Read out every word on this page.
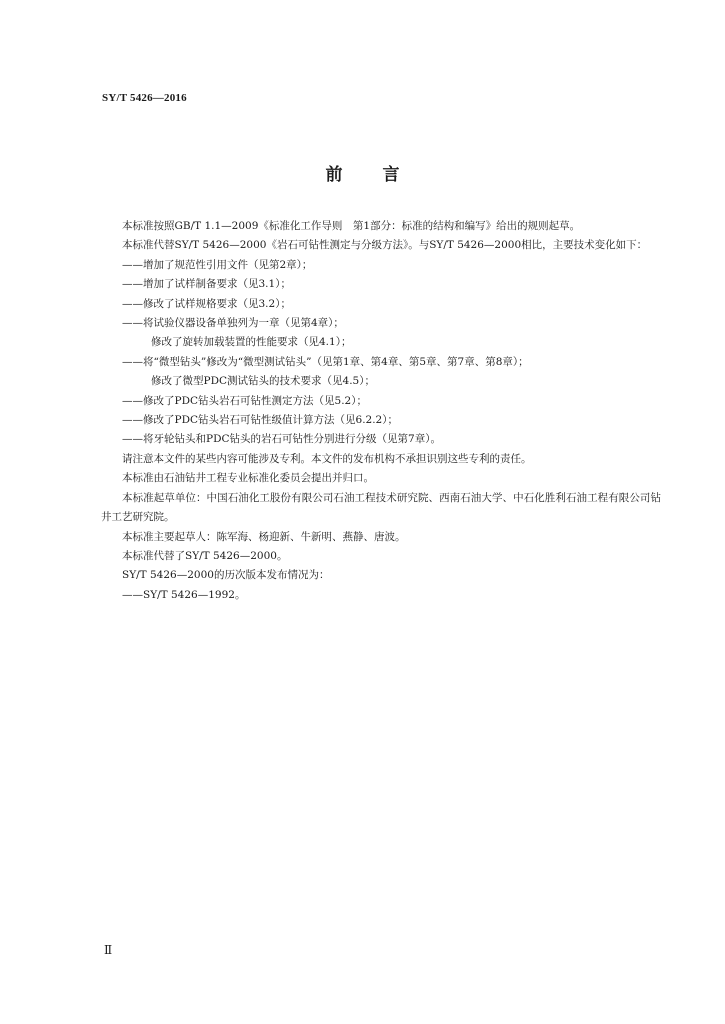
SY/T 5426—2016
前 言

本标准按照GB/T 1.1—2009《标准化工作导则　第1部分：标准的结构和编写》给出的规则起草。

本标准代替SY/T 5426—2000《岩石可钻性测定与分级方法》。与SY/T 5426—2000相比，主要技术变化如下：

—— 增加了规范性引用文件（见第2章）；

—— 增加了试样制备要求（见3.1）；

—— 修改了试样规格要求（见3.2）；

—— 将试验仪器设备单独列为一章（见第4章）；

修改了旋转加载装置的性能要求（见4.1）；

—— 将“微型钻头”修改为“微型测试钻头”（见第1章、第4章、第5章、第7章、第8章）；

修改了微型PDC测试钻头的技术要求（见4.5）；

—— 修改了PDC钻头岩石可钻性测定方法（见5.2）；

—— 修改了PDC钻头岩石可钻性级值计算方法（见6.2.2）；

—— 将牙轮钻头和PDC钻头的岩石可钻性分别进行分级（见第7章）。

请注意本文件的某些内容可能涉及专利。本文件的发布机构不承担识别这些专利的责任。

本标准由石油钻井工程专业标准化委员会提出并归口。

本标准起草单位：中国石油化工股份有限公司石油工程技术研究院、西南石油大学、中石化胜利石油工程有限公司钻井工艺研究院。

本标准主要起草人：陈军海、杨迎新、牛新明、燕静、唐波。

本标准代替了SY/T 5426—2000。

SY/T 5426—2000的历次版本发布情况为：

—— SY/T 5426—1992。

Ⅱ
